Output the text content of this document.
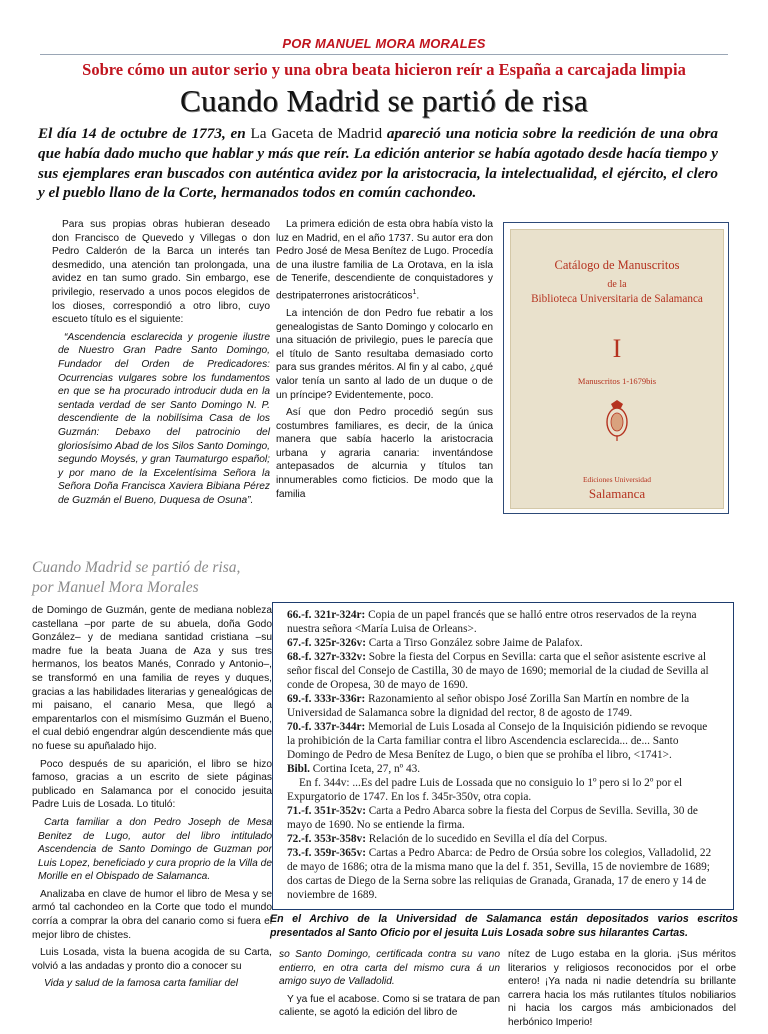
POR MANUEL MORA MORALES
Sobre cómo un autor serio y una obra beata hicieron reír a España a carcajada limpia
Cuando Madrid se partió de risa
El día 14 de octubre de 1773, en La Gaceta de Madrid apareció una noticia sobre la reedición de una obra que había dado mucho que hablar y más que reír. La edición anterior se había agotado desde hacía tiempo y sus ejemplares eran buscados con auténtica avidez por la aristocracia, la intelectualidad, el ejército, el clero y el pueblo llano de la Corte, hermanados todos en común cachondeo.

Para sus propias obras hubieran deseado don Francisco de Quevedo y Villegas o don Pedro Calderón de la Barca un interés tan desmedido, una atención tan prolongada, una avidez en tan sumo grado. Sin embargo, ese privilegio, reservado a unos pocos elegidos de los dioses, correspondió a otro libro, cuyo escueto título es el siguiente:

“Ascendencia esclarecida y progenie ilustre de Nuestro Gran Padre Santo Domingo, Fundador del Orden de Predicadores: Ocurrencias vulgares sobre los fundamentos en que se ha procurado introducir duda en la sentada verdad de ser Santo Domingo N. P. descendiente de la nobilísima Casa de los Guzmán: Debaxo del patrocinio del gloriosísimo Abad de los Silos Santo Domingo, segundo Moysés, y gran Taumaturgo español; y por mano de la Excelentísima Señora la Señora Doña Francisca Xaviera Bibiana Pérez de Guzmán el Bueno, Duquesa de Osuna”.

La primera edición de esta obra había visto la luz en Madrid, en el año 1737. Su autor era don Pedro José de Mesa Benítez de Lugo. Procedía de una ilustre familia de La Orotava, en la isla de Tenerife, descendiente de conquistadores y destripaterrones aristocráticos$^1$.

La intención de don Pedro fue rebatir a los genealogistas de Santo Domingo y colocarlo en una situación de privilegio, pues le parecía que el título de Santo resultaba demasiado corto para sus grandes méritos. Al fin y al cabo, ¿qué valor tenía un santo al lado de un duque o de un príncipe? Evidentemente, poco.

Así que don Pedro procedió según sus costumbres familiares, es decir, de la única manera que sabía hacerlo la aristocracia urbana y agraria canaria: inventándose antepasados de alcurnia y títulos tan innumerables como ficticios. De modo que la familia

Catálogo de Manuscritos
de la
Biblioteca Universitaria de Salamanca
I
Manuscritos 1-1679bis
Ediciones Universidad
Salamanca
Cuando Madrid se partió de risa,
por Manuel Mora Morales

de Domingo de Guzmán, gente de mediana nobleza castellana –por parte de su abuela, doña Godo González– y de mediana santidad cristiana –su madre fue la beata Juana de Aza y sus tres hermanos, los beatos Manés, Conrado y Antonio–, se transformó en una familia de reyes y duques, gracias a las habilidades literarias y genealógicas de mi paisano, el canario Mesa, que llegó a emparentarlos con el mismísimo Guzmán el Bueno, el cual debió engendrar algún descendiente más que no fuese su apuñalado hijo.

Poco después de su aparición, el libro se hizo famoso, gracias a un escrito de siete páginas publicado en Salamanca por el conocido jesuita Padre Luis de Losada. Lo tituló:

Carta familiar a don Pedro Joseph de Mesa Benitez de Lugo, autor del libro intitulado Ascendencia de Santo Domingo de Guzman por Luis Lopez, beneficiado y cura proprio de la Villa de Morille en el Obispado de Salamanca.

Analizaba en clave de humor el libro de Mesa y se armó tal cachondeo en la Corte que todo el mundo corría a comprar la obra del canario como si fuera el mejor libro de chistes.

Luis Losada, vista la buena acogida de su Carta, volvió a las andadas y pronto dio a conocer su

Vida y salud de la famosa carta familiar del

66.-f. 321r-324r: Copia de un papel francés que se halló entre otros reservados de la reyna nuestra señora <María Luisa de Orleans>.

67.-f. 325r-326v: Carta a Tirso González sobre Jaime de Palafox.

68.-f. 327r-332v: Sobre la fiesta del Corpus en Sevilla: carta que el señor asistente escrive al señor fiscal del Consejo de Castilla, 30 de mayo de 1690; memorial de la ciudad de Sevilla al conde de Oropesa, 30 de mayo de 1690.

69.-f. 333r-336r: Razonamiento al señor obispo José Zorilla San Martín en nombre de la Universidad de Salamanca sobre la dignidad del rector, 8 de agosto de 1749.

70.-f. 337r-344r: Memorial de Luis Losada al Consejo de la Inquisición pidiendo se revoque la prohibición de la Carta familiar contra el libro Ascendencia esclarecida... de... Santo Domingo de Pedro de Mesa Benítez de Lugo, o bien que se prohíba el libro, <1741>.

Bibl. Cortina Iceta, 27, nº 43.

En f. 344v: ...Es del padre Luis de Lossada que no consiguio lo 1º pero si lo 2º por el Expurgatorio de 1747. En los f. 345r-350v, otra copia.

71.-f. 351r-352v: Carta a Pedro Abarca sobre la fiesta del Corpus de Sevilla. Sevilla, 30 de mayo de 1690. No se entiende la firma.

72.-f. 353r-358v: Relación de lo sucedido en Sevilla el día del Corpus.

73.-f. 359r-365v: Cartas a Pedro Abarca: de Pedro de Orsúa sobre los colegios, Valladolid, 22 de mayo de 1686; otra de la misma mano que la del f. 351, Sevilla, 15 de noviembre de 1689; dos cartas de Diego de la Serna sobre las reliquias de Granada, Granada, 17 de enero y 14 de noviembre de 1689.

En el Archivo de la Universidad de Salamanca están depositados varios escritos presentados al Santo Oficio por el jesuita Luis Losada sobre sus hilarantes Cartas.

so Santo Domingo, certificada contra su vano entierro, en otra carta del mismo cura á un amigo suyo de Valladolid.

Y ya fue el acabose. Como si se tratara de pan caliente, se agotó la edición del libro de

nítez de Lugo estaba en la gloria. ¡Sus méritos literarios y religiosos reconocidos por el orbe entero! ¡Ya nada ni nadie detendría su brillante carrera hacia los más rutilantes títulos nobiliarios ni hacia los cargos más ambicionados del herbónico Imperio!
